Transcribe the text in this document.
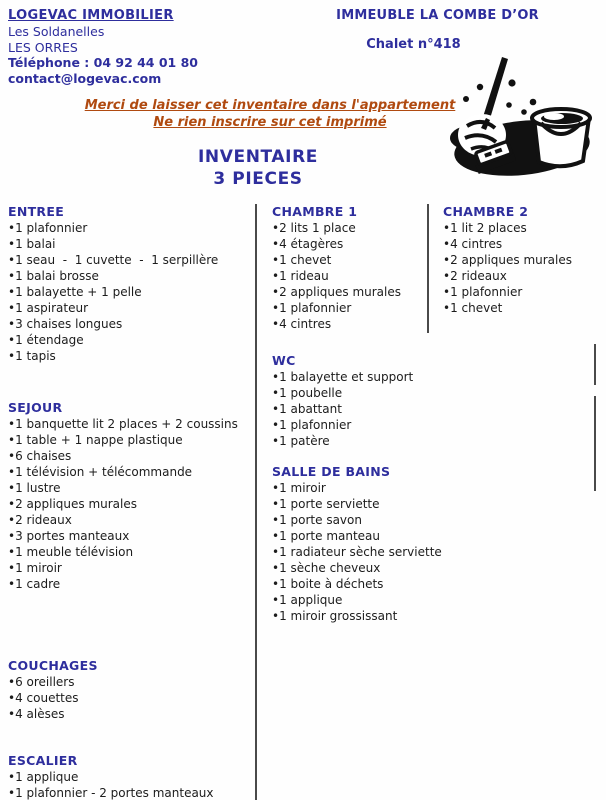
LOGEVAC IMMOBILIER
Les Soldanelles
LES ORRES
Téléphone : 04 92 44 01 80
contact@logevac.com
IMMEUBLE LA COMBE D’OR
Chalet n°418
Merci de laisser cet inventaire dans l'appartement
Ne rien inscrire sur cet imprimé
INVENTAIRE
3 PIECES
ENTREE
•1 plafonnier
•1 balai
•1 seau  -  1 cuvette  -  1 serpillère
•1 balai brosse
•1 balayette + 1 pelle
•1 aspirateur
•3 chaises longues
•1 étendage
•1 tapis
SEJOUR
•1 banquette lit 2 places + 2 coussins
•1 table + 1 nappe plastique
•6 chaises
•1 télévision + télécommande
•1 lustre
•2 appliques murales
•2 rideaux
•3 portes manteaux
•1 meuble télévision
•1 miroir
•1 cadre
COUCHAGES
•6 oreillers
•4 couettes
•4 alèses
ESCALIER
•1 applique
•1 plafonnier - 2 portes manteaux
CHAMBRE 1
•2 lits 1 place
•4 étagères
•1 chevet
•1 rideau
•2 appliques murales
•1 plafonnier
•4 cintres
WC
•1 balayette et support
•1 poubelle
•1 abattant
•1 plafonnier
•1 patère
SALLE DE BAINS
•1 miroir
•1 porte serviette
•1 porte savon
•1 porte manteau
•1 radiateur sèche serviette
•1 sèche cheveux
•1 boite à déchets
•1 applique
•1 miroir grossissant
CHAMBRE 2
•1 lit 2 places
•4 cintres
•2 appliques murales
•2 rideaux
•1 plafonnier
•1 chevet
